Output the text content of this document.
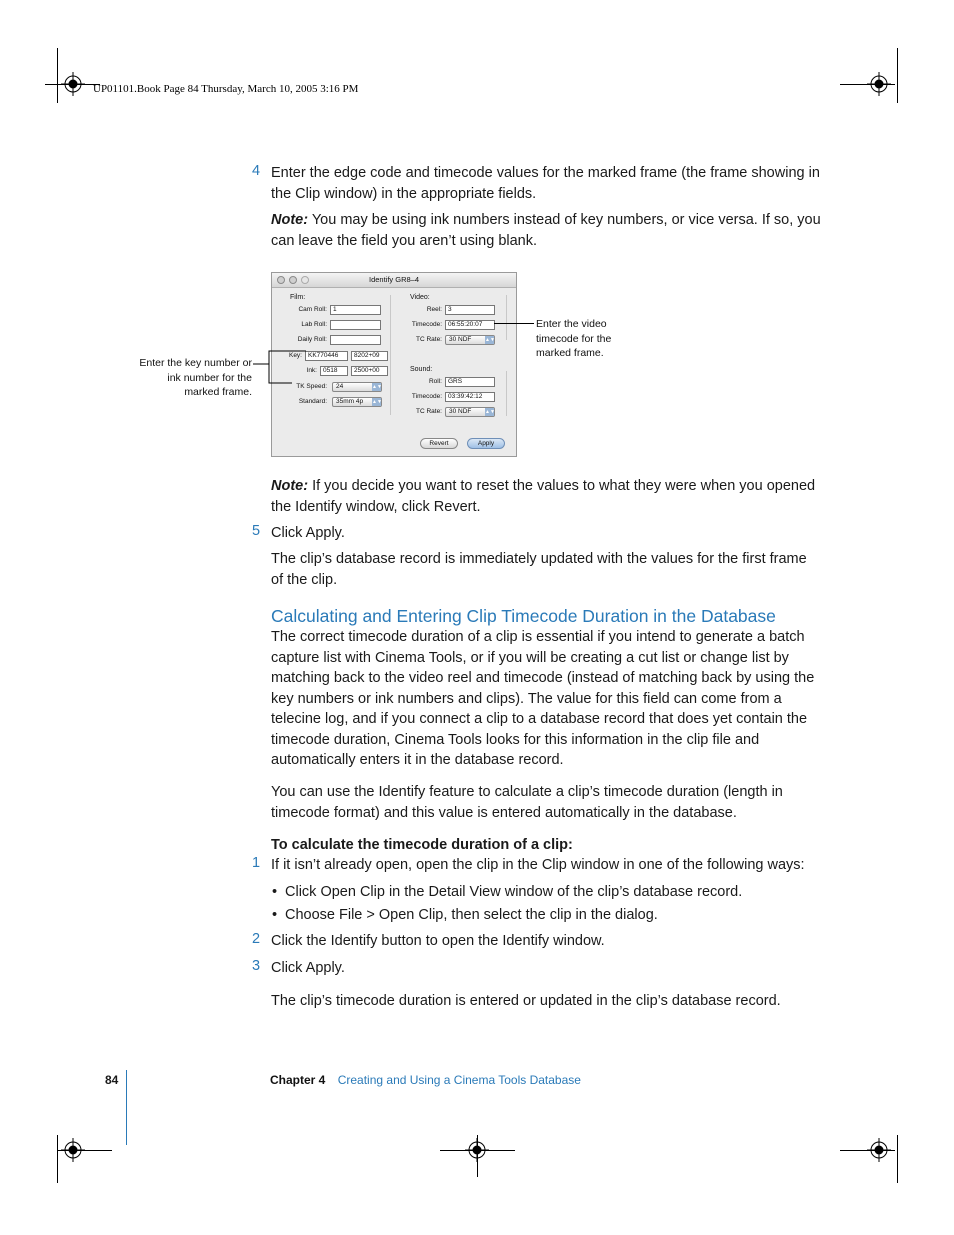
UP01101.Book Page 84 Thursday, March 10, 2005 3:16 PM
4 Enter the edge code and timecode values for the marked frame (the frame showing in the Clip window) in the appropriate fields.
Note: You may be using ink numbers instead of key numbers, or vice versa. If so, you can leave the field you aren’t using blank.
Identify GR8–4
Film:
Cam Roll: 1
Lab Roll:
Daily Roll:
Key: KK770446	8202+09
Ink: 0518	2500+00
TK Speed:	24	▲▼
Standard:	35mm 4p ▲▼
Video:
Reel: 3
Timecode: 06:55:20:07
TC Rate:	30 NDF	▲▼
Sound:
Roll: GRS
Timecode: 03:39:42:12
TC Rate:	30 NDF	▲▼
Revert	Apply
Enter the key number or
ink number for the
marked frame.
Enter the video
timecode for the
marked frame.
Note: If you decide you want to reset the values to what they were when you opened the Identify window, click Revert.
5 Click Apply.
The clip’s database record is immediately updated with the values for the first frame of the clip.
Calculating and Entering Clip Timecode Duration in the Database
The correct timecode duration of a clip is essential if you intend to generate a batch capture list with Cinema Tools, or if you will be creating a cut list or change list by matching back to the video reel and timecode (instead of matching back by using the key numbers or ink numbers and clips). The value for this field can come from a telecine log, and if you connect a clip to a database record that does yet contain the timecode duration, Cinema Tools looks for this information in the clip file and automatically enters it in the database record.
You can use the Identify feature to calculate a clip’s timecode duration (length in timecode format) and this value is entered automatically in the database.
To calculate the timecode duration of a clip:
1 If it isn’t already open, open the clip in the Clip window in one of the following ways:
• Click Open Clip in the Detail View window of the clip’s database record.
• Choose File > Open Clip, then select the clip in the dialog.
2 Click the Identify button to open the Identify window.
3 Click Apply.
The clip’s timecode duration is entered or updated in the clip’s database record.
84	Chapter 4 Creating and Using a Cinema Tools Database
